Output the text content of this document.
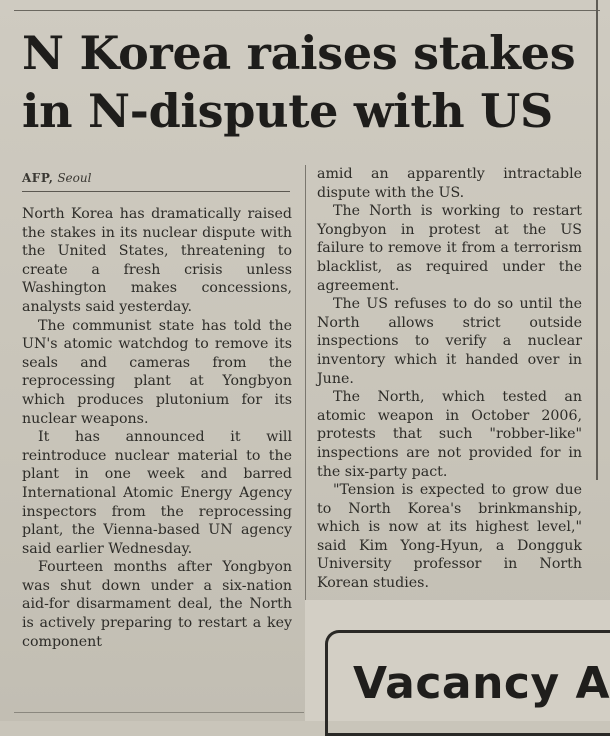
N Korea raises stakes
in N-dispute with US
AFP, Seoul

North Korea has dramatically raised the stakes in its nuclear dispute with the United States, threatening to create a fresh crisis unless Washington makes concessions, analysts said yesterday.

The communist state has told the UN's atomic watchdog to remove its seals and cameras from the reprocessing plant at Yongbyon which produces plutonium for its nuclear weapons.

It has announced it will reintroduce nuclear material to the plant in one week and barred International Atomic Energy Agency inspectors from the reprocessing plant, the Vienna-based UN agency said earlier Wednesday.

Fourteen months after Yongbyon was shut down under a six-nation aid-for disarmament deal, the North is actively preparing to restart a key component

amid an apparently intractable dispute with the US.

The North is working to restart Yongbyon in protest at the US failure to remove it from a terrorism blacklist, as required under the agreement.

The US refuses to do so until the North allows strict outside inspections to verify a nuclear inventory which it handed over in June.

The North, which tested an atomic weapon in October 2006, protests that such "robber-like" inspections are not provided for in the six-party pact.

"Tension is expected to grow due to North Korea's brinkmanship, which is now at its highest level," said Kim Yong-Hyun, a Dongguk University professor in North Korean studies.

Vacancy A
